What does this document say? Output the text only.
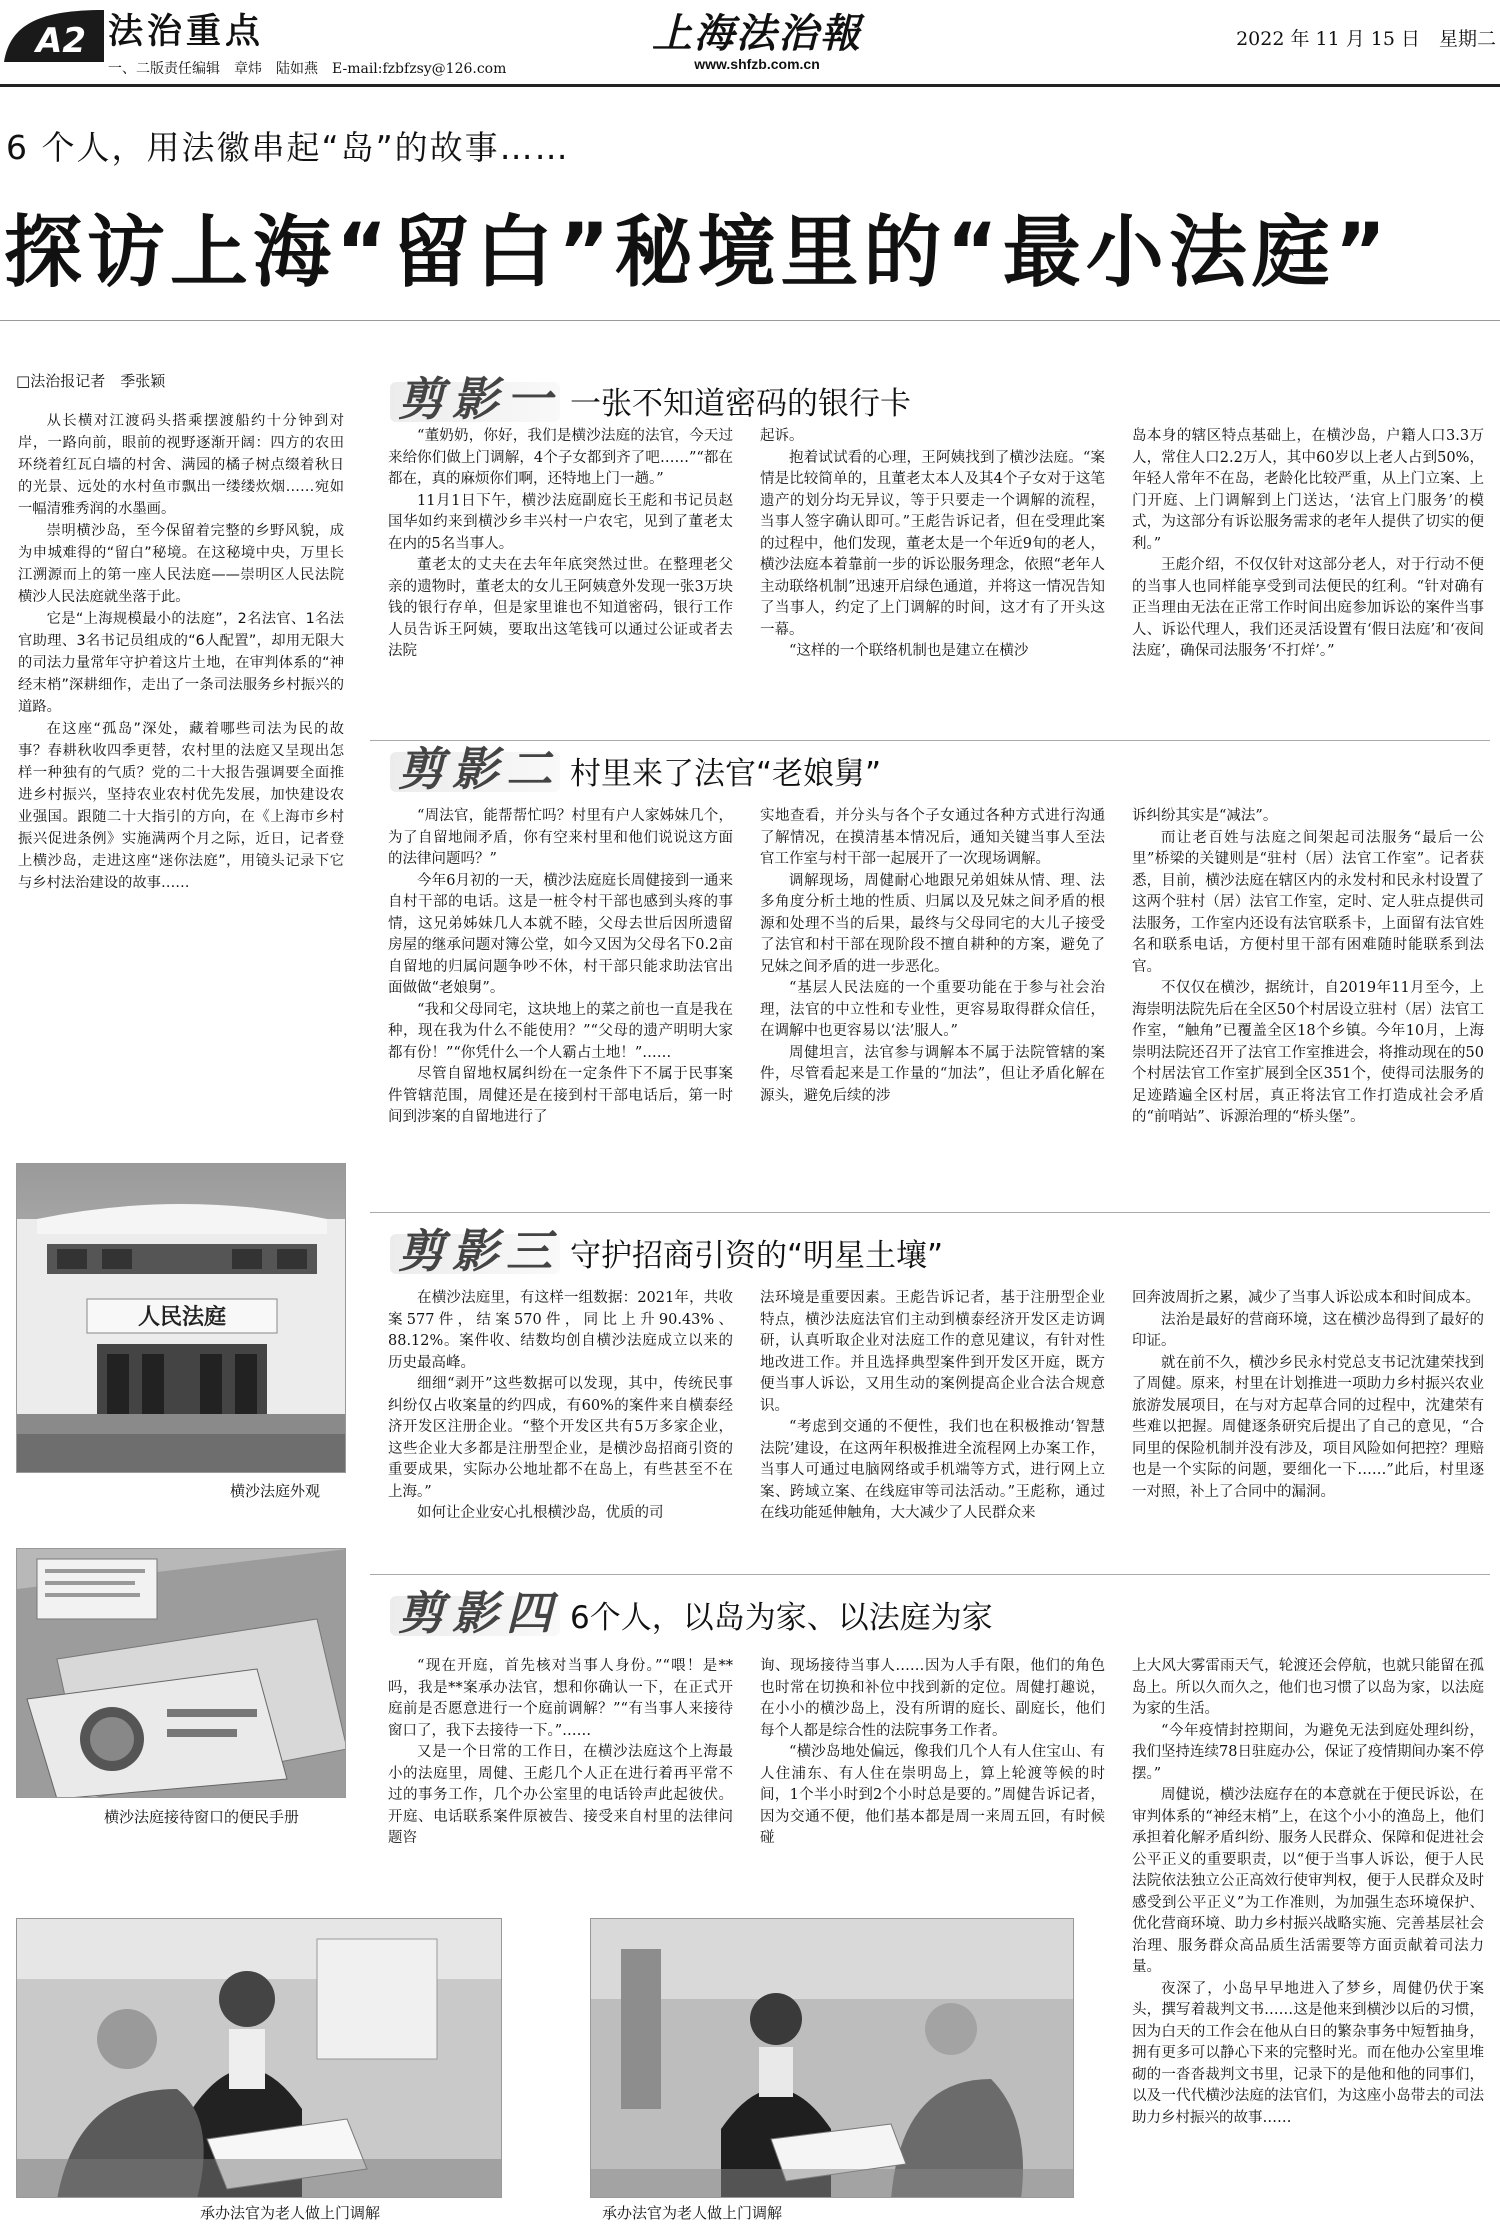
A2 法治重点
一、二版责任编辑　章炜　陆如燕　E-mail:fzbfzsy@126.com
上海法治報
www.shfzb.com.cn
2022 年 11 月 15 日　星期二
6 个人，用法徽串起“岛”的故事……
探访上海“留白”秘境里的“最小法庭”
□法治报记者　季张颖

从长横对江渡码头搭乘摆渡船约十分钟到对岸，一路向前，眼前的视野逐渐开阔：四方的农田环绕着红瓦白墙的村舍、满园的橘子树点缀着秋日的光景、远处的水村鱼市飘出一缕缕炊烟……宛如一幅清雅秀润的水墨画。

崇明横沙岛，至今保留着完整的乡野风貌，成为申城难得的“留白”秘境。在这秘境中央，万里长江溯源而上的第一座人民法庭——崇明区人民法院横沙人民法庭就坐落于此。

它是“上海规模最小的法庭”，2名法官、1名法官助理、3名书记员组成的“6人配置”，却用无限大的司法力量常年守护着这片土地，在审判体系的“神经末梢”深耕细作，走出了一条司法服务乡村振兴的道路。

在这座“孤岛”深处，藏着哪些司法为民的故事？春耕秋收四季更替，农村里的法庭又呈现出怎样一种独有的气质？党的二十大报告强调要全面推进乡村振兴，坚持农业农村优先发展，加快建设农业强国。跟随二十大指引的方向，在《上海市乡村振兴促进条例》实施满两个月之际，近日，记者登上横沙岛，走进这座“迷你法庭”，用镜头记录下它与乡村法治建设的故事……

人民法庭
横沙法庭外观
横沙法庭接待窗口的便民手册
剪影一 一张不知道密码的银行卡

“董奶奶，你好，我们是横沙法庭的法官，今天过来给你们做上门调解，4个子女都到齐了吧……”“都在都在，真的麻烦你们啊，还特地上门一趟。”

11月1日下午，横沙法庭副庭长王彪和书记员赵国华如约来到横沙乡丰兴村一户农宅，见到了董老太在内的5名当事人。

董老太的丈夫在去年年底突然过世。在整理老父亲的遗物时，董老太的女儿王阿姨意外发现一张3万块钱的银行存单，但是家里谁也不知道密码，银行工作人员告诉王阿姨，要取出这笔钱可以通过公证或者去法院

起诉。

抱着试试看的心理，王阿姨找到了横沙法庭。“案情是比较简单的，且董老太本人及其4个子女对于这笔遗产的划分均无异议，等于只要走一个调解的流程，当事人签字确认即可。”王彪告诉记者，但在受理此案的过程中，他们发现，董老太是一个年近9旬的老人，横沙法庭本着靠前一步的诉讼服务理念，依照“老年人主动联络机制”迅速开启绿色通道，并将这一情况告知了当事人，约定了上门调解的时间，这才有了开头这一幕。

“这样的一个联络机制也是建立在横沙

岛本身的辖区特点基础上，在横沙岛，户籍人口3.3万人，常住人口2.2万人，其中60岁以上老人占到50%，年轻人常年不在岛，老龄化比较严重，从上门立案、上门开庭、上门调解到上门送达，‘法官上门服务’的模式，为这部分有诉讼服务需求的老年人提供了切实的便利。”

王彪介绍，不仅仅针对这部分老人，对于行动不便的当事人也同样能享受到司法便民的红利。“针对确有正当理由无法在正常工作时间出庭参加诉讼的案件当事人、诉讼代理人，我们还灵活设置有‘假日法庭’和‘夜间法庭’，确保司法服务‘不打烊’。”

剪影二 村里来了法官“老娘舅”

“周法官，能帮帮忙吗？村里有户人家姊妹几个，为了自留地闹矛盾，你有空来村里和他们说说这方面的法律问题吗？”

今年6月初的一天，横沙法庭庭长周健接到一通来自村干部的电话。这是一桩令村干部也感到头疼的事情，这兄弟姊妹几人本就不睦，父母去世后因所遗留房屋的继承问题对簿公堂，如今又因为父母名下0.2亩自留地的归属问题争吵不休，村干部只能求助法官出面做做“老娘舅”。

“我和父母同宅，这块地上的菜之前也一直是我在种，现在我为什么不能使用？”“父母的遗产明明大家都有份！”“你凭什么一个人霸占土地！”……

尽管自留地权属纠纷在一定条件下不属于民事案件管辖范围，周健还是在接到村干部电话后，第一时间到涉案的自留地进行了

实地查看，并分头与各个子女通过各种方式进行沟通了解情况，在摸清基本情况后，通知关键当事人至法官工作室与村干部一起展开了一次现场调解。

调解现场，周健耐心地跟兄弟姐妹从情、理、法多角度分析土地的性质、归属以及兄妹之间矛盾的根源和处理不当的后果，最终与父母同宅的大儿子接受了法官和村干部在现阶段不擅自耕种的方案，避免了兄妹之间矛盾的进一步恶化。

“基层人民法庭的一个重要功能在于参与社会治理，法官的中立性和专业性，更容易取得群众信任，在调解中也更容易以‘法’服人。”

周健坦言，法官参与调解本不属于法院管辖的案件，尽管看起来是工作量的“加法”，但让矛盾化解在源头，避免后续的涉

诉纠纷其实是“减法”。

而让老百姓与法庭之间架起司法服务“最后一公里”桥梁的关键则是“驻村（居）法官工作室”。记者获悉，目前，横沙法庭在辖区内的永发村和民永村设置了这两个驻村（居）法官工作室，定时、定人驻点提供司法服务，工作室内还设有法官联系卡，上面留有法官姓名和联系电话，方便村里干部有困难随时能联系到法官。

不仅仅在横沙，据统计，自2019年11月至今，上海崇明法院先后在全区50个村居设立驻村（居）法官工作室，“触角”已覆盖全区18个乡镇。今年10月，上海崇明法院还召开了法官工作室推进会，将推动现在的50个村居法官工作室扩展到全区351个，使得司法服务的足迹踏遍全区村居，真正将法官工作打造成社会矛盾的“前哨站”、诉源治理的“桥头堡”。

剪影三 守护招商引资的“明星土壤”

在横沙法庭里，有这样一组数据：2021年，共收案577件，结案570件，同比上升90.43%、88.12%。案件收、结数均创自横沙法庭成立以来的历史最高峰。

细细“剥开”这些数据可以发现，其中，传统民事纠纷仅占收案量的约四成，有60%的案件来自横泰经济开发区注册企业。“整个开发区共有5万多家企业，这些企业大多都是注册型企业，是横沙岛招商引资的重要成果，实际办公地址都不在岛上，有些甚至不在上海。”

如何让企业安心扎根横沙岛，优质的司

法环境是重要因素。王彪告诉记者，基于注册型企业特点，横沙法庭法官们主动到横泰经济开发区走访调研，认真听取企业对法庭工作的意见建议，有针对性地改进工作。并且选择典型案件到开发区开庭，既方便当事人诉讼，又用生动的案例提高企业合法合规意识。

“考虑到交通的不便性，我们也在积极推动‘智慧法院’建设，在这两年积极推进全流程网上办案工作，当事人可通过电脑网络或手机端等方式，进行网上立案、跨域立案、在线庭审等司法活动。”王彪称，通过在线功能延伸触角，大大减少了人民群众来

回奔波周折之累，减少了当事人诉讼成本和时间成本。

法治是最好的营商环境，这在横沙岛得到了最好的印证。

就在前不久，横沙乡民永村党总支书记沈建荣找到了周健。原来，村里在计划推进一项助力乡村振兴农业旅游发展项目，在与对方起草合同的过程中，沈建荣有些难以把握。周健逐条研究后提出了自己的意见，“合同里的保险机制并没有涉及，项目风险如何把控？理赔也是一个实际的问题，要细化一下……”此后，村里逐一对照，补上了合同中的漏洞。

剪影四 6个人，以岛为家、以法庭为家

“现在开庭，首先核对当事人身份。”“喂！是**吗，我是**案承办法官，想和你确认一下，在正式开庭前是否愿意进行一个庭前调解？”“有当事人来接待窗口了，我下去接待一下。”……

又是一个日常的工作日，在横沙法庭这个上海最小的法庭里，周健、王彪几个人正在进行着再平常不过的事务工作，几个办公室里的电话铃声此起彼伏。开庭、电话联系案件原被告、接受来自村里的法律问题咨

询、现场接待当事人……因为人手有限，他们的角色也时常在切换和补位中找到新的定位。周健打趣说，在小小的横沙岛上，没有所谓的庭长、副庭长，他们每个人都是综合性的法院事务工作者。

“横沙岛地处偏远，像我们几个人有人住宝山、有人住浦东、有人住在崇明岛上，算上轮渡等候的时间，1个半小时到2个小时总是要的。”周健告诉记者，因为交通不便，他们基本都是周一来周五回，有时候碰

上大风大雾雷雨天气，轮渡还会停航，也就只能留在孤岛上。所以久而久之，他们也习惯了以岛为家，以法庭为家的生活。

“今年疫情封控期间，为避免无法到庭处理纠纷，我们坚持连续78日驻庭办公，保证了疫情期间办案不停摆。”

周健说，横沙法庭存在的本意就在于便民诉讼，在审判体系的“神经末梢”上，在这个小小的渔岛上，他们承担着化解矛盾纠纷、服务人民群众、保障和促进社会公平正义的重要职责，以“便于当事人诉讼，便于人民法院依法独立公正高效行使审判权，便于人民群众及时感受到公平正义”为工作准则，为加强生态环境保护、优化营商环境、助力乡村振兴战略实施、完善基层社会治理、服务群众高品质生活需要等方面贡献着司法力量。

夜深了，小岛早早地进入了梦乡，周健仍伏于案头，撰写着裁判文书……这是他来到横沙以后的习惯，因为白天的工作会在他从白日的繁杂事务中短暂抽身，拥有更多可以静心下来的完整时光。而在他办公室里堆砌的一沓沓裁判文书里，记录下的是他和他的同事们，以及一代代横沙法庭的法官们，为这座小岛带去的司法助力乡村振兴的故事……

承办法官为老人做上门调解	承办法官为老人做上门调解
